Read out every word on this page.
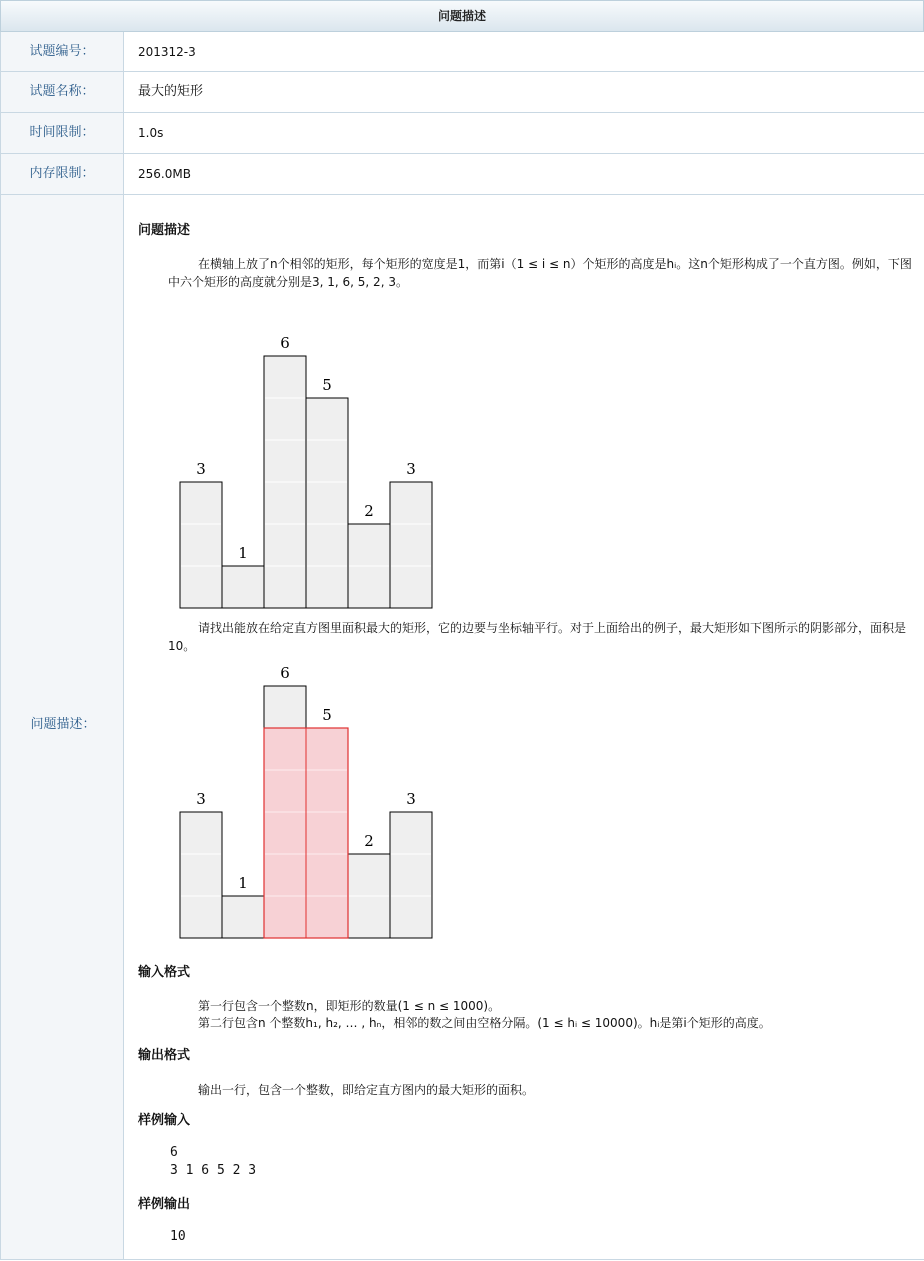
问题描述
试题编号：	201312-3
试题名称：	最大的矩形
时间限制：	1.0s
内存限制：	256.0MB
问题描述：
问题描述
在横轴上放了n个相邻的矩形，每个矩形的宽度是1，而第i（1 ≤ i ≤ n）个矩形的高度是hᵢ。这n个矩形构成了一个直方图。例如，下图中六个矩形的高度就分别是3, 1, 6, 5, 2, 3。
3
1
6
5
2
3
请找出能放在给定直方图里面积最大的矩形，它的边要与坐标轴平行。对于上面给出的例子，最大矩形如下图所示的阴影部分，面积是10。
3
1
6
5
2
3
输入格式
第一行包含一个整数n，即矩形的数量(1 ≤ n ≤ 1000)。
第二行包含n 个整数h₁, h₂, … , hₙ，相邻的数之间由空格分隔。(1 ≤ hᵢ ≤ 10000)。hᵢ是第i个矩形的高度。
输出格式
输出一行，包含一个整数，即给定直方图内的最大矩形的面积。
样例输入
6
3 1 6 5 2 3
样例输出
10
